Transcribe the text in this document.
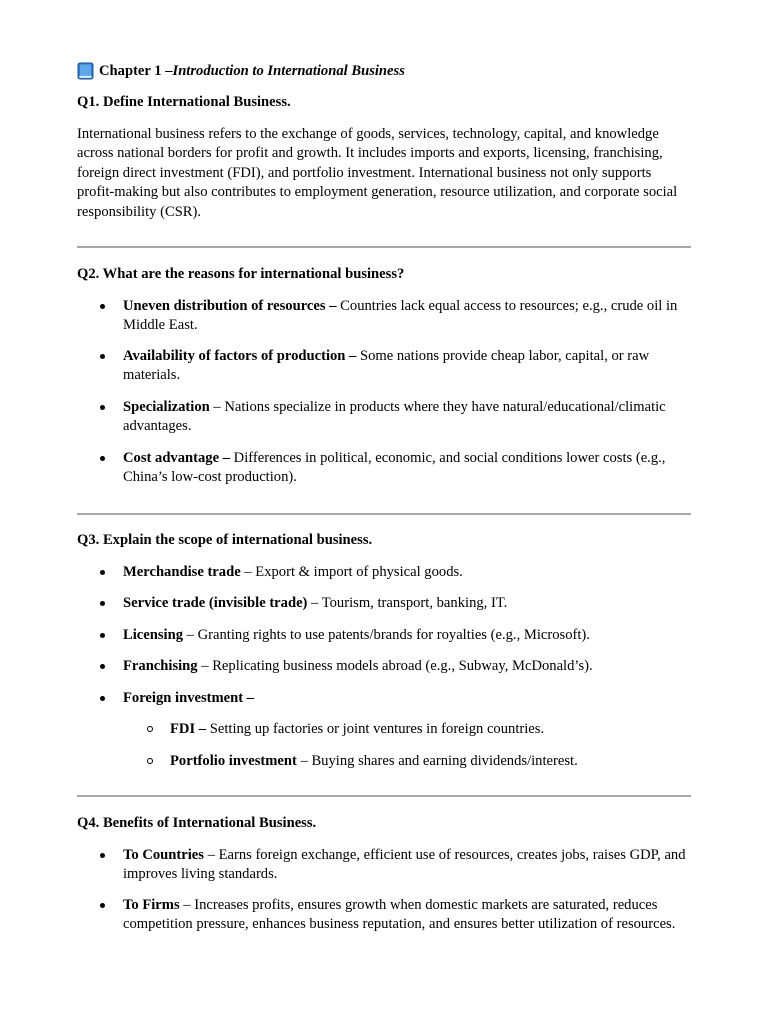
Chapter 1 – Introduction to International Business
Q1. Define International Business.

International business refers to the exchange of goods, services, technology, capital, and knowledge across national borders for profit and growth. It includes imports and exports, licensing, franchising, foreign direct investment (FDI), and portfolio investment. International business not only supports profit-making but also contributes to employment generation, resource utilization, and corporate social responsibility (CSR).

Q2. What are the reasons for international business?
Uneven distribution of resources – Countries lack equal access to resources; e.g., crude oil in Middle East.
Availability of factors of production – Some nations provide cheap labor, capital, or raw materials.
Specialization – Nations specialize in products where they have natural/educational/climatic advantages.
Cost advantage – Differences in political, economic, and social conditions lower costs (e.g., China’s low-cost production).
Q3. Explain the scope of international business.
Merchandise trade – Export & import of physical goods.
Service trade (invisible trade) – Tourism, transport, banking, IT.
Licensing – Granting rights to use patents/brands for royalties (e.g., Microsoft).
Franchising – Replicating business models abroad (e.g., Subway, McDonald’s).
Foreign investment –
FDI – Setting up factories or joint ventures in foreign countries.
Portfolio investment – Buying shares and earning dividends/interest.
Q4. Benefits of International Business.
To Countries – Earns foreign exchange, efficient use of resources, creates jobs, raises GDP, and improves living standards.
To Firms – Increases profits, ensures growth when domestic markets are saturated, reduces competition pressure, enhances business reputation, and ensures better utilization of resources.
